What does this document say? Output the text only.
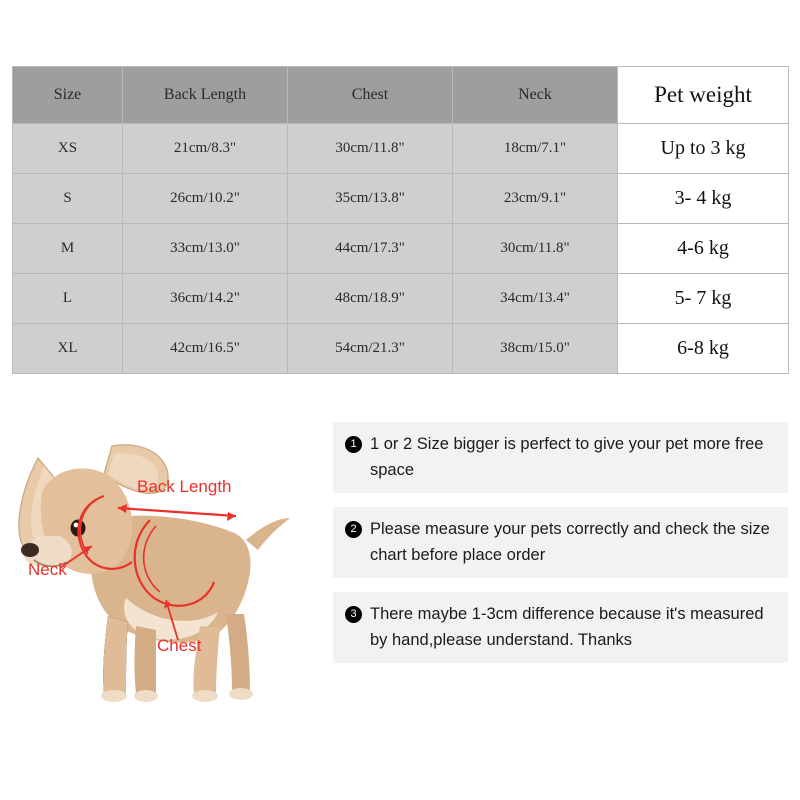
Size	Back Length	Chest	Neck	Pet weight
XS	21cm/8.3"	30cm/11.8"	18cm/7.1"	Up to 3 kg
S	26cm/10.2"	35cm/13.8"	23cm/9.1"	3- 4 kg
M	33cm/13.0"	44cm/17.3"	30cm/11.8"	4-6 kg
L	36cm/14.2"	48cm/18.9"	34cm/13.4"	5- 7 kg
XL	42cm/16.5"	54cm/21.3"	38cm/15.0"	6-8 kg
Back Length
Neck
Chest
1 1 or 2 Size bigger is perfect to give your pet more free space
2 Please measure your pets correctly and check the size chart before place order
3 There maybe 1-3cm difference because it's measured by hand,please understand. Thanks
